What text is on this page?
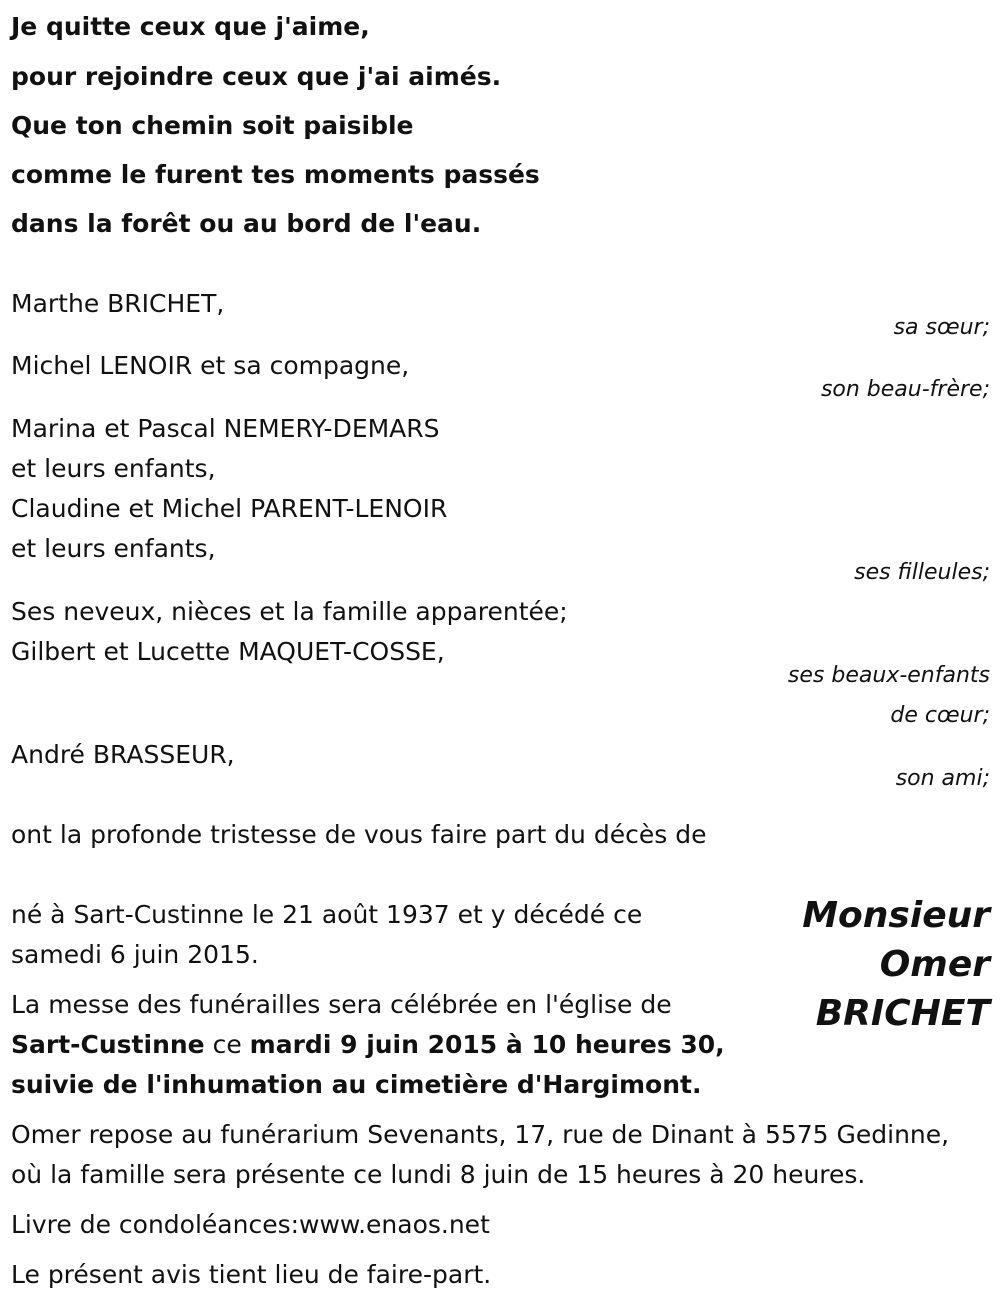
Je quitte ceux que j'aime,
pour rejoindre ceux que j'ai aimés.
Que ton chemin soit paisible
comme le furent tes moments passés
dans la forêt ou au bord de l'eau.
Marthe BRICHET,
sa sœur;
Michel LENOIR et sa compagne,
son beau-frère;
Marina et Pascal NEMERY-DEMARS
et leurs enfants,
Claudine et Michel PARENT-LENOIR
et leurs enfants,
ses filleules;
Ses neveux, nièces et la famille apparentée;
Gilbert et Lucette MAQUET-COSSE,
ses beaux-enfants
de cœur;
André BRASSEUR,
son ami;
ont la profonde tristesse de vous faire part du décès de
Monsieur
Omer
BRICHET
né à Sart-Custinne le 21 août 1937 et y décédé ce
samedi 6 juin 2015.
La messe des funérailles sera célébrée en l'église de
Sart-Custinne ce mardi 9 juin 2015 à 10 heures 30,
suivie de l'inhumation au cimetière d'Hargimont.
Omer repose au funérarium Sevenants, 17, rue de Dinant à 5575 Gedinne,
où la famille sera présente ce lundi 8 juin de 15 heures à 20 heures.
Livre de condoléances:www.enaos.net
Le présent avis tient lieu de faire-part.
